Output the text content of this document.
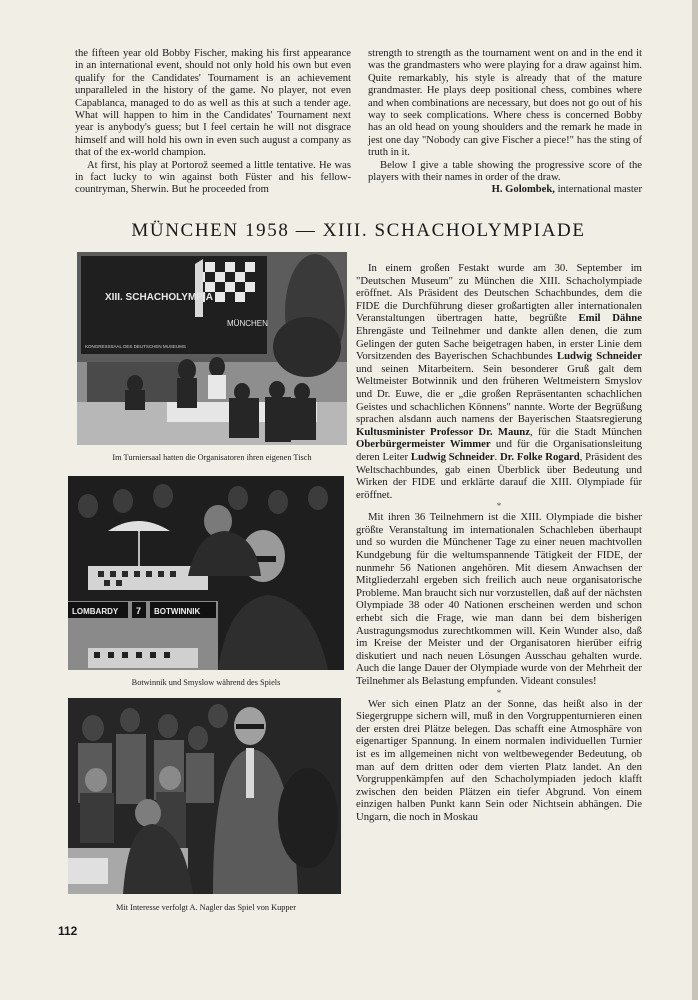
the fifteen year old Bobby Fischer, making his first appearance in an international event, should not only hold his own but even qualify for the Candidates' Tournament is an achievement unparalleled in the history of the game. No player, not even Capablanca, managed to do as well as this at such a tender age. What will happen to him in the Candidates' Tournament next year is anybody's guess; but I feel certain he will not disgrace himself and will hold his own in even such august a company as that of the ex-world champion.

At first, his play at Portorož seemed a little tentative. He was in fact lucky to win against both Füster and his fellow-countryman, Sherwin. But he proceeded from

strength to strength as the tournament went on and in the end it was the grandmasters who were playing for a draw against him. Quite remarkably, his style is already that of the mature grandmaster. He plays deep positional chess, combines where and when combinations are necessary, but does not go out of his way to seek complications. Where chess is concerned Bobby has an old head on young shoulders and the remark he made in jest one day "Nobody can give Fischer a piece!" has the sting of truth in it.

Below I give a table showing the progressive score of the players with their names in order of the draw.

H. Golombek, international master
MÜNCHEN 1958 — XIII. SCHACHOLYMPIADE
XIII. SCHACHOLYMPIA
MÜNCHEN
KONGRESSSAAL DES DEUTSCHEN MUSEUMS
Im Turniersaal hatten die Organisatoren ihren eigenen Tisch
LOMBARDY 7 BOTWINNIK
Botwinnik und Smyslow während des Spiels
Mit Interesse verfolgt A. Nagler das Spiel von Kupper

In einem großen Festakt wurde am 30. September im "Deutschen Museum" zu München die XIII. Schacholympiade eröffnet. Als Präsident des Deutschen Schachbundes, dem die FIDE die Durchführung dieser großartigten aller internationalen Veranstaltungen übertragen hatte, begrüßte Emil Dähne Ehrengäste und Teilnehmer und dankte allen denen, die zum Gelingen der guten Sache beigetragen haben, in erster Linie dem Vorsitzenden des Bayerischen Schachbundes Ludwig Schneider und seinen Mitarbeitern. Sein besonderer Gruß galt dem Weltmeister Botwinnik und den früheren Weltmeistern Smyslov und Dr. Euwe, die er „die großen Repräsentanten schachlichen Geistes und schachlichen Könnens" nannte. Worte der Begrüßung sprachen alsdann auch namens der Bayerischen Staatsregierung Kultusminister Professor Dr. Maunz, für die Stadt München Oberbürgermeister Wimmer und für die Organisationsleitung deren Leiter Ludwig Schneider. Dr. Folke Rogard, Präsident des Weltschachbundes, gab einen Überblick über Bedeutung und Wirken der FIDE und erklärte darauf die XIII. Olympiade für eröffnet.

*

Mit ihren 36 Teilnehmern ist die XIII. Olympiade die bisher größte Veranstaltung im internationalen Schachleben überhaupt und so wurden die Münchener Tage zu einer neuen machtvollen Kundgebung für die weltumspannende Tätigkeit der FIDE, der nunmehr 56 Nationen angehören. Mit diesem Anwachsen der Mitgliederzahl ergeben sich freilich auch neue organisatorische Probleme. Man braucht sich nur vorzustellen, daß auf der nächsten Olympiade 38 oder 40 Nationen erscheinen werden und schon erhebt sich die Frage, wie man dann bei dem bisherigen Austragungsmodus zurechtkommen will. Kein Wunder also, daß im Kreise der Meister und der Organisatoren hierüber eifrig diskutiert und nach neuen Lösungen Ausschau gehalten wurde. Auch die lange Dauer der Olympiade wurde von der Mehrheit der Teilnehmer als Belastung empfunden. Videant consules!

*

Wer sich einen Platz an der Sonne, das heißt also in der Siegergruppe sichern will, muß in den Vorgruppenturnieren einen der ersten drei Plätze belegen. Das schafft eine Atmosphäre von eigenartiger Spannung. In einem normalen individuellen Turnier ist es im allgemeinen nicht von weltbewegender Bedeutung, ob man auf dem dritten oder dem vierten Platz landet. An den Vorgruppenkämpfen auf den Schacholympiaden jedoch klafft zwischen den beiden Plätzen ein tiefer Abgrund. Von einem einzigen halben Punkt kann Sein oder Nichtsein abhängen. Die Ungarn, die noch in Moskau

112
